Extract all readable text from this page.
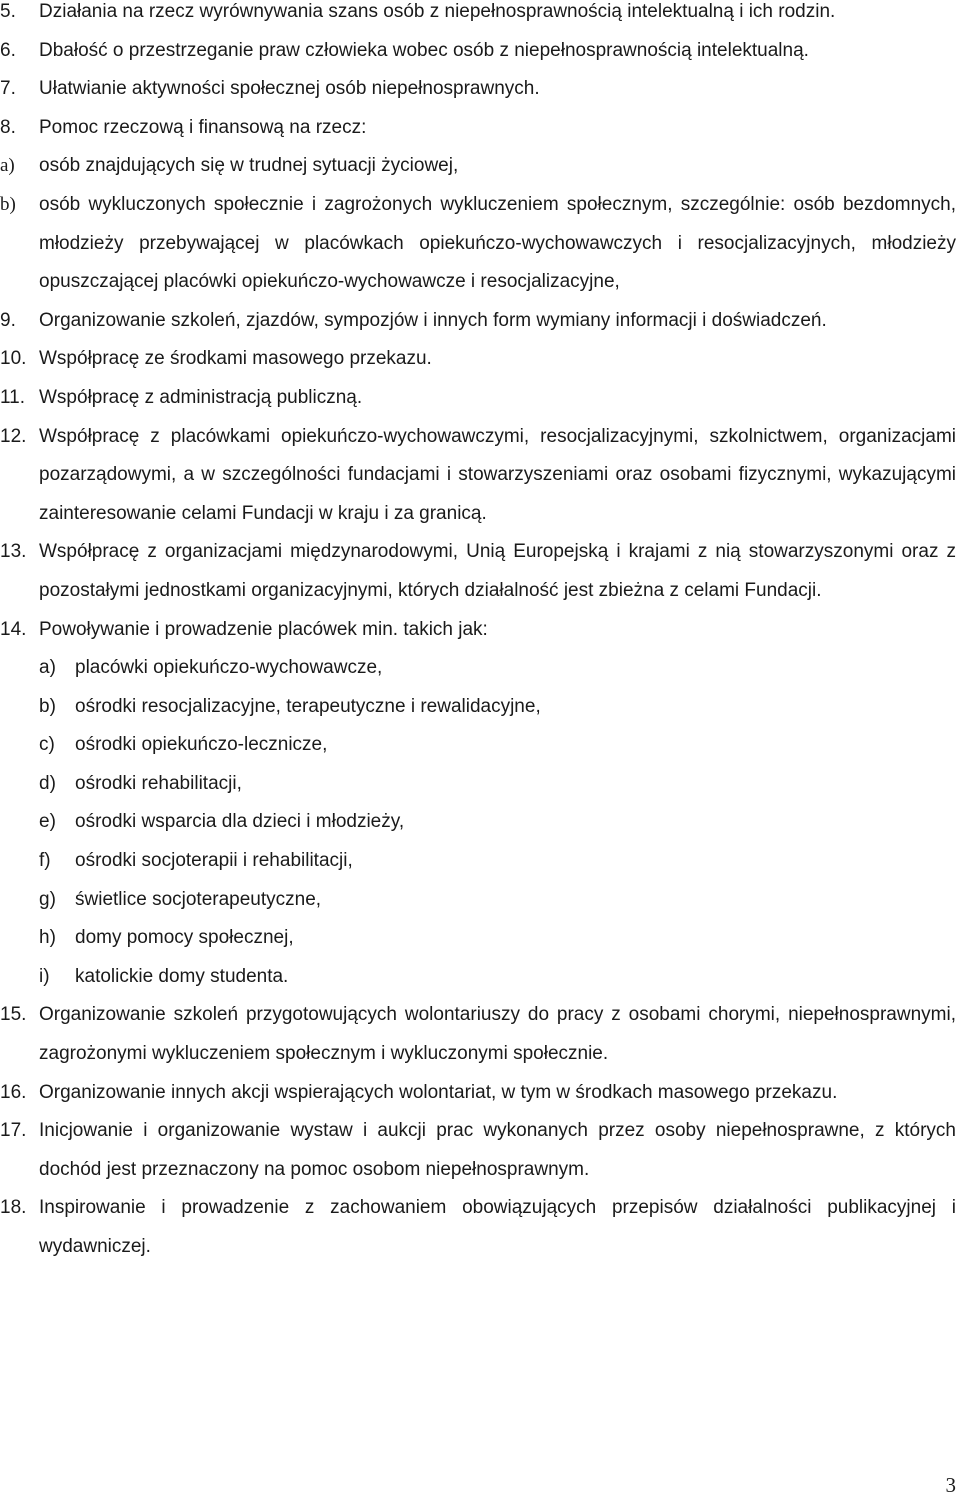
5. Działania na rzecz wyrównywania szans osób z niepełnosprawnością intelektualną i ich rodzin.
6. Dbałość o przestrzeganie praw człowieka wobec osób z niepełnosprawnością intelektualną.
7. Ułatwianie aktywności społecznej osób niepełnosprawnych.
8. Pomoc rzeczową i finansową na rzecz:
a) osób znajdujących się w trudnej sytuacji życiowej,
b) osób wykluczonych społecznie i zagrożonych wykluczeniem społecznym, szczególnie: osób bezdomnych, młodzieży przebywającej w placówkach opiekuńczo-wychowawczych i resocjalizacyjnych, młodzieży opuszczającej placówki opiekuńczo-wychowawcze i resocjalizacyjne,
9. Organizowanie szkoleń, zjazdów, sympozjów i innych form wymiany informacji i doświadczeń.
10. Współpracę ze środkami masowego przekazu.
11. Współpracę z administracją publiczną.
12. Współpracę z placówkami opiekuńczo-wychowawczymi, resocjalizacyjnymi, szkolnictwem, organizacjami pozarządowymi, a w szczególności fundacjami i stowarzyszeniami oraz osobami fizycznymi, wykazującymi zainteresowanie celami Fundacji w kraju i za granicą.
13. Współpracę z organizacjami międzynarodowymi, Unią Europejską i krajami z nią stowarzyszonymi oraz z pozostałymi jednostkami organizacyjnymi, których działalność jest zbieżna z celami Fundacji.
14. Powoływanie i prowadzenie placówek min. takich jak:
a) placówki opiekuńczo-wychowawcze,
b) ośrodki resocjalizacyjne, terapeutyczne i rewalidacyjne,
c) ośrodki opiekuńczo-lecznicze,
d) ośrodki rehabilitacji,
e) ośrodki wsparcia dla dzieci i młodzieży,
f) ośrodki socjoterapii i rehabilitacji,
g) świetlice socjoterapeutyczne,
h) domy pomocy społecznej,
i) katolickie domy studenta.
15. Organizowanie szkoleń przygotowujących wolontariuszy do pracy z osobami chorymi, niepełnosprawnymi, zagrożonymi wykluczeniem społecznym i wykluczonymi społecznie.
16. Organizowanie innych akcji wspierających wolontariat, w tym w środkach masowego przekazu.
17. Inicjowanie i organizowanie wystaw i aukcji prac wykonanych przez osoby niepełnosprawne, z których dochód jest przeznaczony na pomoc osobom niepełnosprawnym.
18. Inspirowanie i prowadzenie z zachowaniem obowiązujących przepisów działalności publikacyjnej i wydawniczej.
3
